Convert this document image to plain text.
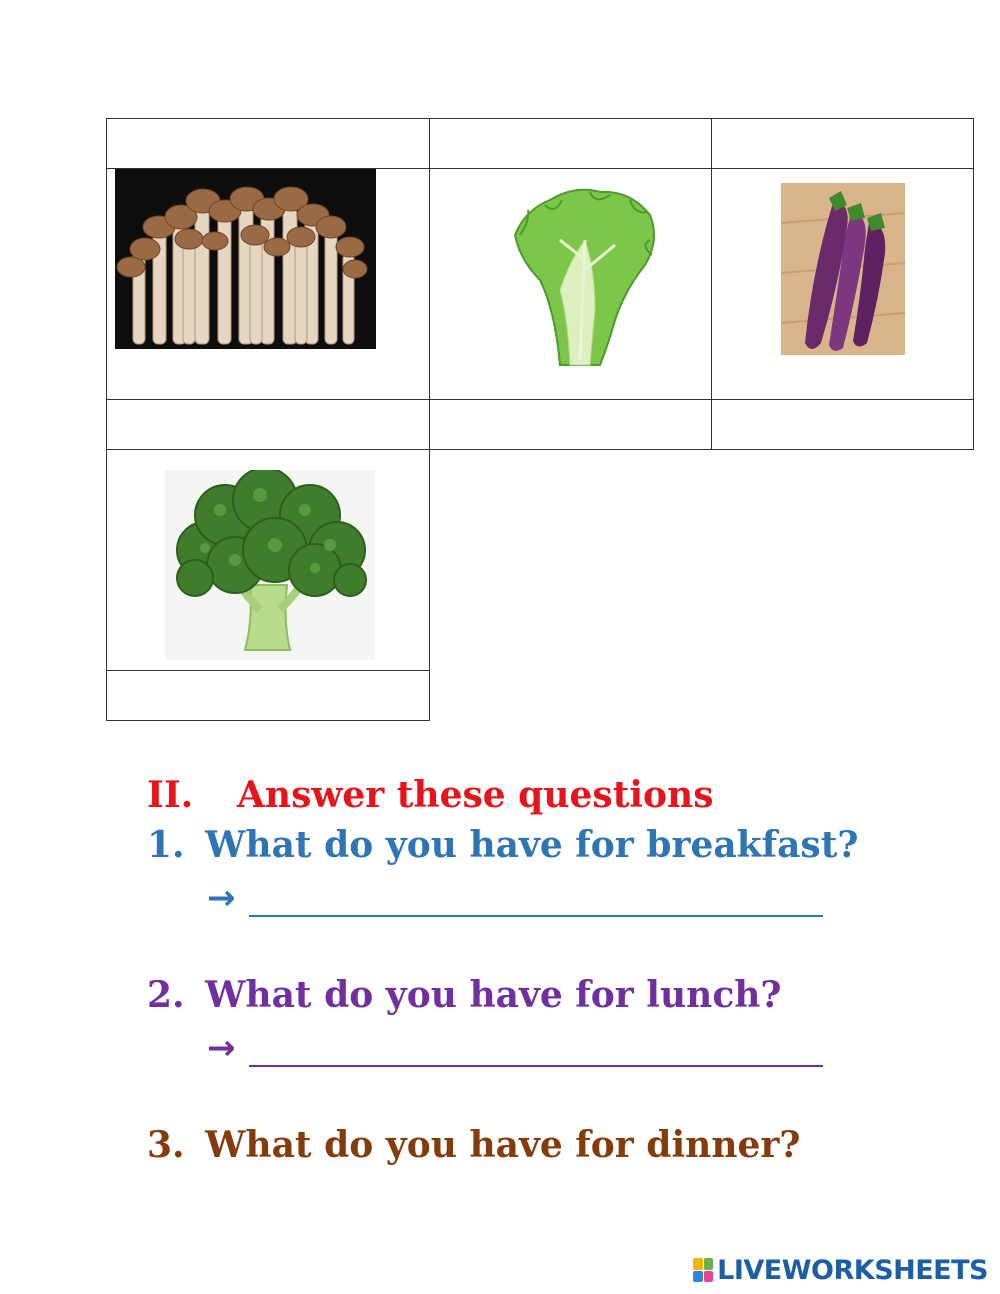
II. Answer these questions
1. What do you have for breakfast?
→
2. What do you have for lunch?
→
3. What do you have for dinner?
LIVEWORKSHEETS
